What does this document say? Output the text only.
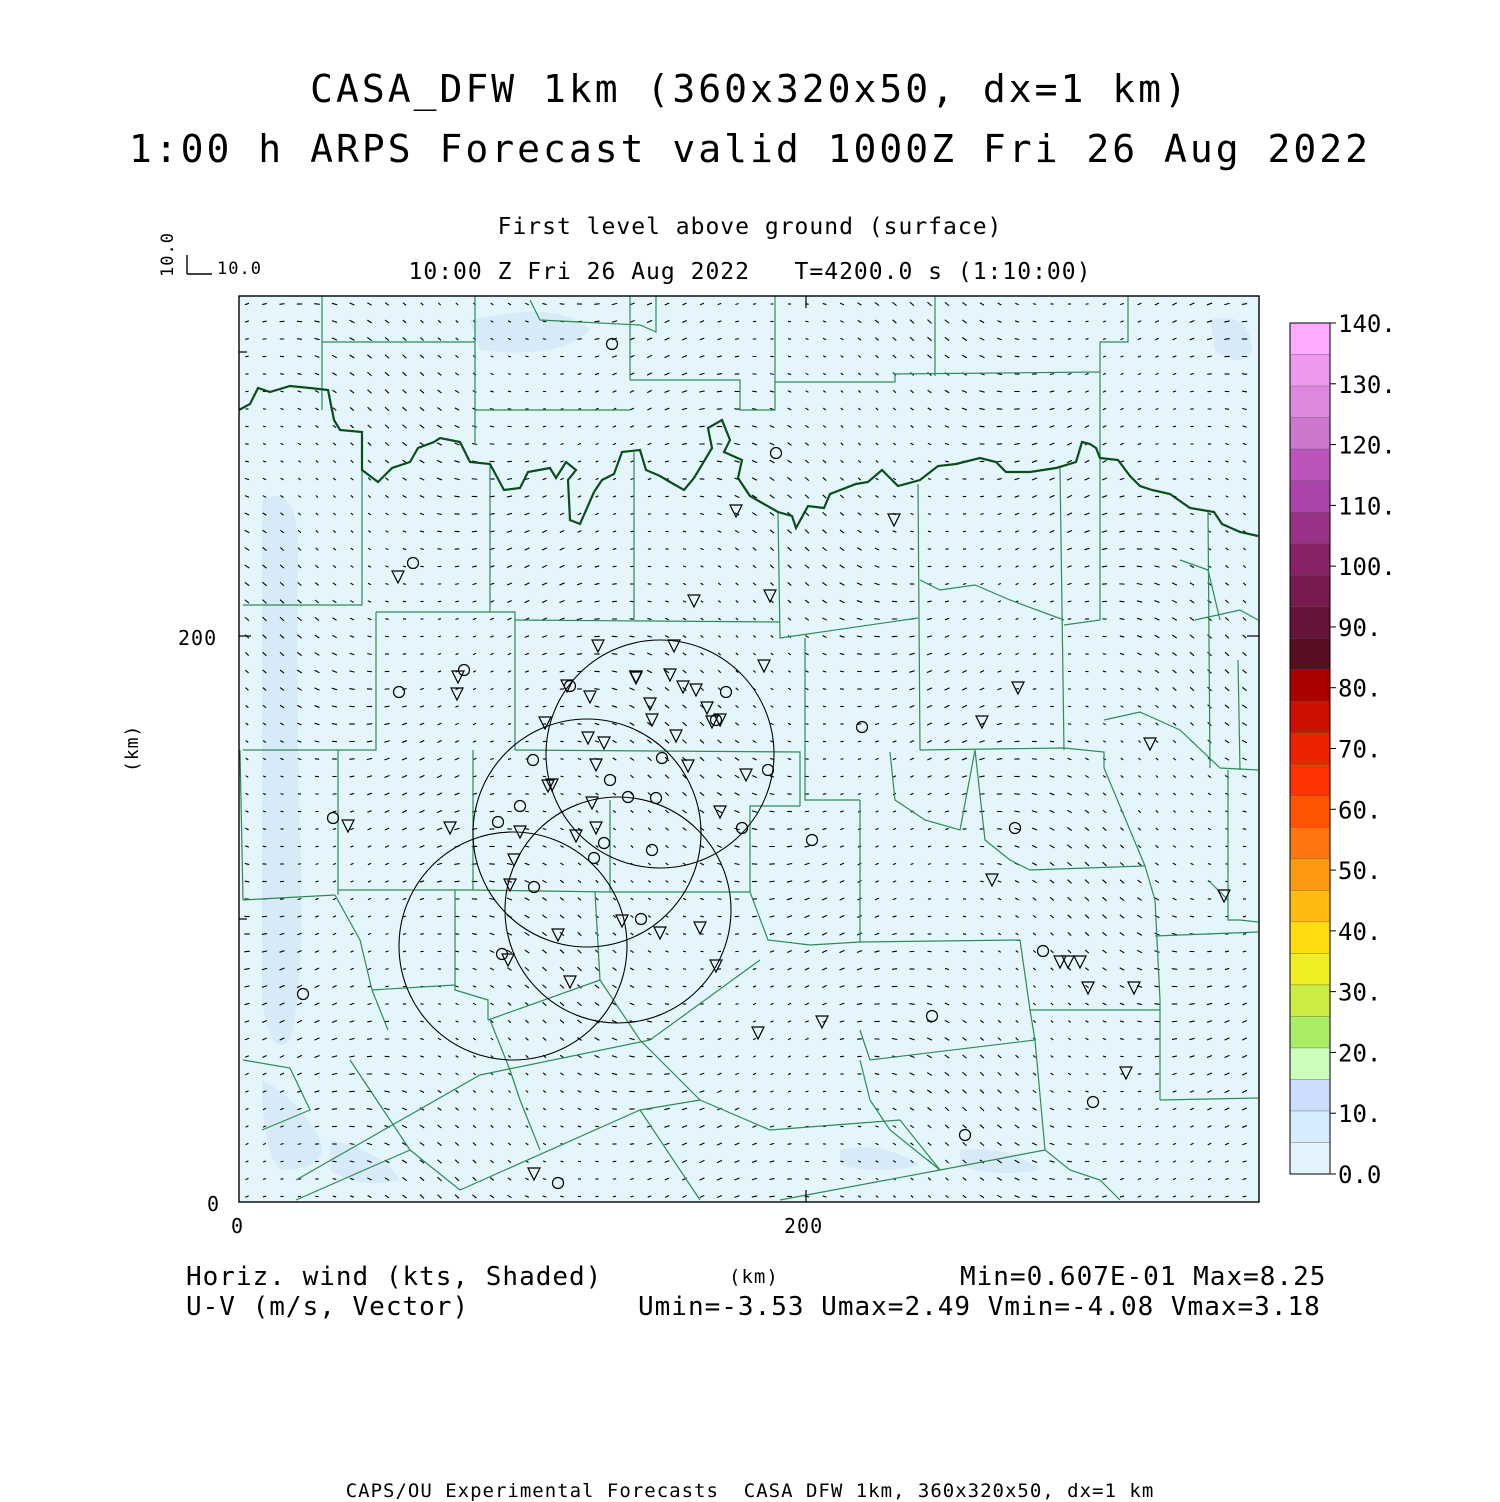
CASA_DFW 1km (360x320x50, dx=1 km)
1:00 h ARPS Forecast valid 1000Z Fri 26 Aug 2022
First level above ground (surface)
10:00 Z Fri 26 Aug 2022   T=4200.0 s (1:10:00)
10.0
10.0
200
0
0	200
(km)
Horiz. wind (kts, Shaded)
U-V (m/s, Vector)
(km)	Min=0.607E-01 Max=8.25
Umin=-3.53 Umax=2.49 Vmin=-4.08 Vmax=3.18
CAPS/OU Experimental Forecasts  CASA DFW 1km, 360x320x50, dx=1 km
140.
130.
120.
110.
100.
90.
80.
70.
60.
50.
40.
30.
20.
10.
0.0
